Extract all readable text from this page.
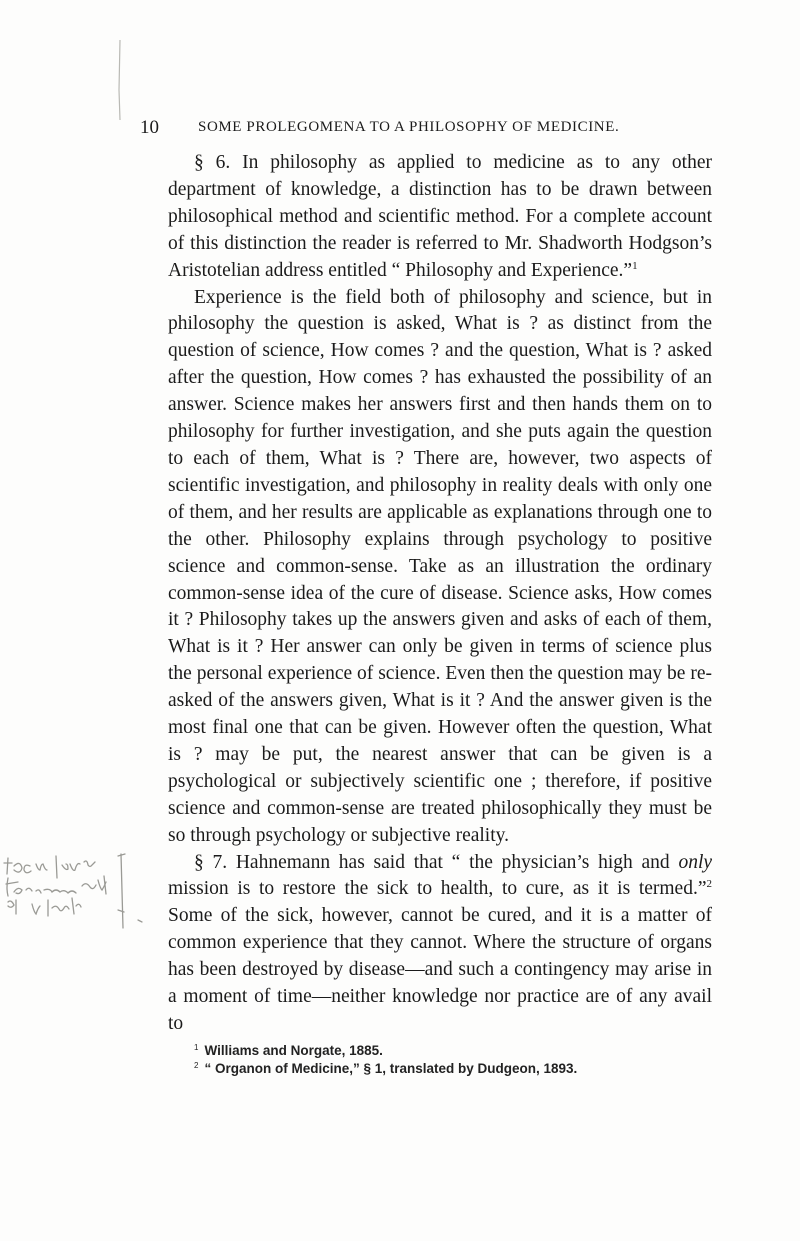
10	SOME PROLEGOMENA TO A PHILOSOPHY OF MEDICINE.

§ 6. In philosophy as applied to medicine as to any other department of knowledge, a distinction has to be drawn between philosophical method and scientific method. For a complete account of this distinction the reader is referred to Mr. Shadworth Hodgson’s Aristotelian address entitled “ Philosophy and Experience.”$^1$

Experience is the field both of philosophy and science, but in philosophy the question is asked, What is ? as distinct from the question of science, How comes ? and the question, What is ? asked after the question, How comes ? has exhausted the possibility of an answer. Science makes her answers first and then hands them on to philosophy for further investigation, and she puts again the question to each of them, What is ? There are, however, two aspects of scientific investigation, and philosophy in reality deals with only one of them, and her results are applicable as explanations through one to the other. Philosophy explains through psychology to positive science and common-sense. Take as an illustration the ordinary common-sense idea of the cure of disease. Science asks, How comes it ? Philosophy takes up the answers given and asks of each of them, What is it ? Her answer can only be given in terms of science plus the personal experience of science. Even then the question may be re-asked of the answers given, What is it ? And the answer given is the most final one that can be given. However often the question, What is ? may be put, the nearest answer that can be given is a psychological or subjectively scientific one ; therefore, if positive science and common-sense are treated philosophically they must be so through psychology or subjective reality.

§ 7. Hahnemann has said that “ the physician’s high and only mission is to restore the sick to health, to cure, as it is termed.”$^2$ Some of the sick, however, cannot be cured, and it is a matter of common experience that they cannot. Where the structure of organs has been destroyed by disease—and such a contingency may arise in a moment of time—neither knowledge nor practice are of any avail to

$^1$ Williams and Norgate, 1885.
$^2$ “ Organon of Medicine,” § 1, translated by Dudgeon, 1893.
